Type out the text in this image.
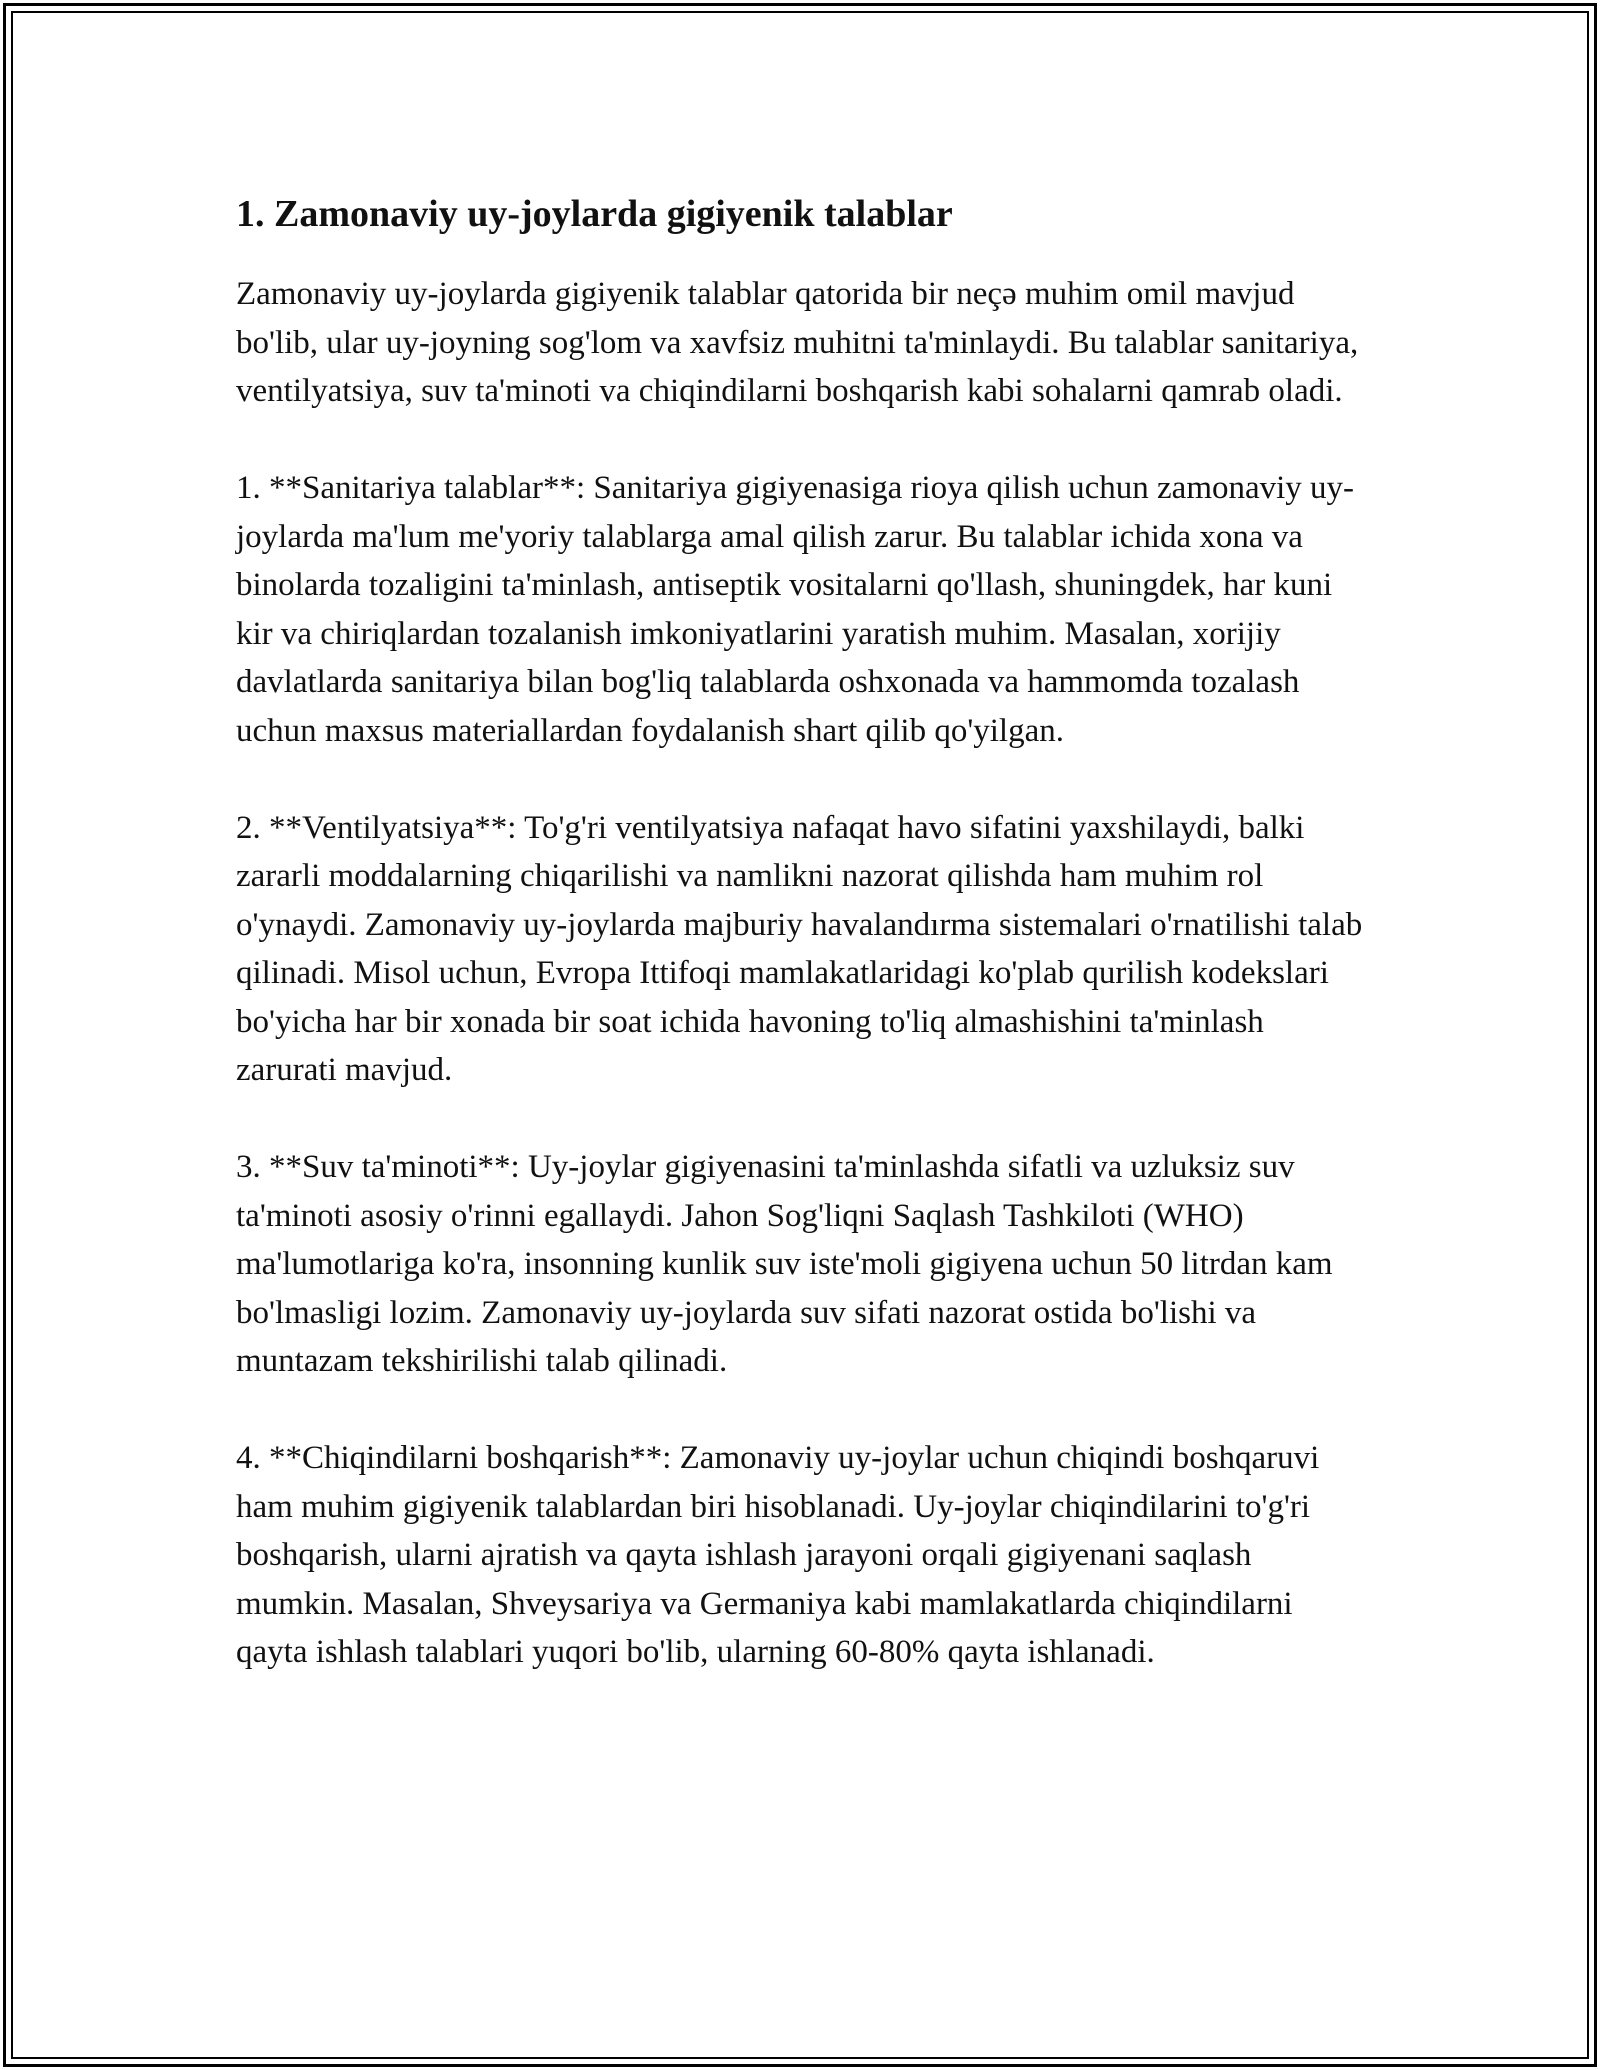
1. Zamonaviy uy-joylarda gigiyenik talablar

Zamonaviy uy-joylarda gigiyenik talablar qatorida bir neçə muhim omil mavjud bo'lib, ular uy-joyning sog'lom va xavfsiz muhitni ta'minlaydi. Bu talablar sanitariya, ventilyatsiya, suv ta'minoti va chiqindilarni boshqarish kabi sohalarni qamrab oladi.

1. **Sanitariya talablar**: Sanitariya gigiyenasiga rioya qilish uchun zamonaviy uy-joylarda ma'lum me'yoriy talablarga amal qilish zarur. Bu talablar ichida xona va binolarda tozaligini ta'minlash, antiseptik vositalarni qo'llash, shuningdek, har kuni kir va chiriqlardan tozalanish imkoniyatlarini yaratish muhim. Masalan, xorijiy davlatlarda sanitariya bilan bog'liq talablarda oshxonada va hammomda tozalash uchun maxsus materiallardan foydalanish shart qilib qo'yilgan.

2. **Ventilyatsiya**: To'g'ri ventilyatsiya nafaqat havo sifatini yaxshilaydi, balki zararli moddalarning chiqarilishi va namlikni nazorat qilishda ham muhim rol o'ynaydi. Zamonaviy uy-joylarda majburiy havalandırma sistemalari o'rnatilishi talab qilinadi. Misol uchun, Evropa Ittifoqi mamlakatlaridagi ko'plab qurilish kodekslari bo'yicha har bir xonada bir soat ichida havoning to'liq almashishini ta'minlash zarurati mavjud.

3. **Suv ta'minoti**: Uy-joylar gigiyenasini ta'minlashda sifatli va uzluksiz suv ta'minoti asosiy o'rinni egallaydi. Jahon Sog'liqni Saqlash Tashkiloti (WHO) ma'lumotlariga ko'ra, insonning kunlik suv iste'moli gigiyena uchun 50 litrdan kam bo'lmasligi lozim. Zamonaviy uy-joylarda suv sifati nazorat ostida bo'lishi va muntazam tekshirilishi talab qilinadi.

4. **Chiqindilarni boshqarish**: Zamonaviy uy-joylar uchun chiqindi boshqaruvi ham muhim gigiyenik talablardan biri hisoblanadi. Uy-joylar chiqindilarini to'g'ri boshqarish, ularni ajratish va qayta ishlash jarayoni orqali gigiyenani saqlash mumkin. Masalan, Shveysariya va Germaniya kabi mamlakatlarda chiqindilarni qayta ishlash talablari yuqori bo'lib, ularning 60-80% qayta ishlanadi.
